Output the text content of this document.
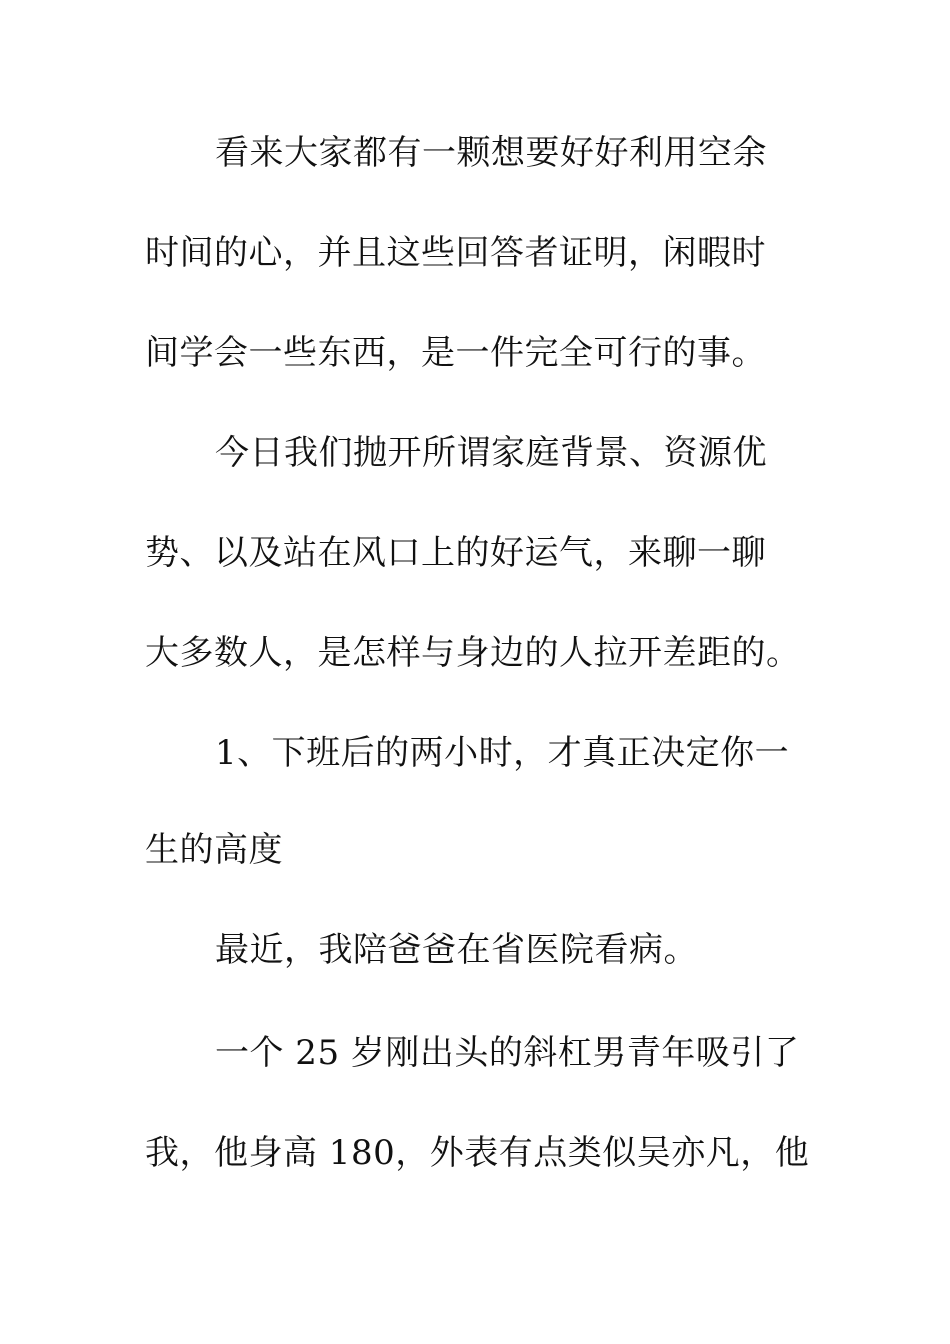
看来大家都有一颗想要好好利用空余
时间的心，并且这些回答者证明，闲暇时
间学会一些东西，是一件完全可行的事。
今日我们抛开所谓家庭背景、资源优
势、以及站在风口上的好运气，来聊一聊
大多数人，是怎样与身边的人拉开差距的。
1、下班后的两小时，才真正决定你一
生的高度
最近，我陪爸爸在省医院看病。
一个 25 岁刚出头的斜杠男青年吸引了
我，他身高 180，外表有点类似吴亦凡，他
